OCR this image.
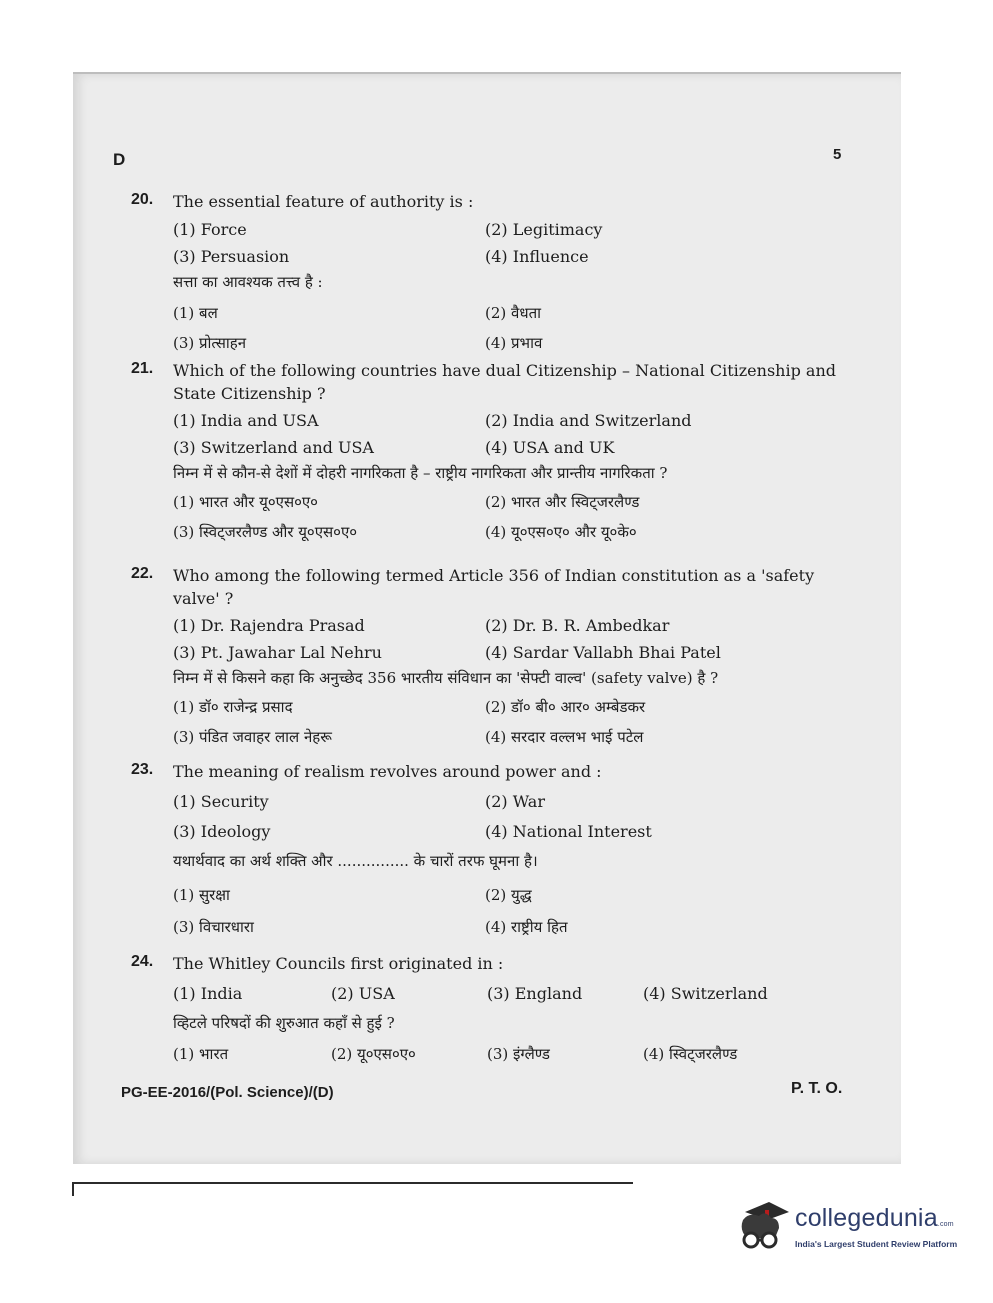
D	5
20.	The essential feature of authority is :
(1) Force	(2) Legitimacy
(3) Persuasion	(4) Influence
सत्ता का आवश्यक तत्त्व है :
(1) बल	(2) वैधता
(3) प्रोत्साहन	(4) प्रभाव
21.	Which of the following countries have dual Citizenship – National Citizenship and State Citizenship ?
(1) India and USA	(2) India and Switzerland
(3) Switzerland and USA	(4) USA and UK
निम्न में से कौन-से देशों में दोहरी नागरिकता है – राष्ट्रीय नागरिकता और प्रान्तीय नागरिकता ?
(1) भारत और यू०एस०ए०	(2) भारत और स्विट्जरलैण्ड
(3) स्विट्जरलैण्ड और यू०एस०ए०	(4) यू०एस०ए० और यू०के०
22.	Who among the following termed Article 356 of Indian constitution as a 'safety valve' ?
(1) Dr. Rajendra Prasad	(2) Dr. B. R. Ambedkar
(3) Pt. Jawahar Lal Nehru	(4) Sardar Vallabh Bhai Patel
निम्न में से किसने कहा कि अनुच्छेद 356 भारतीय संविधान का 'सेफ्टी वाल्व' (safety valve) है ?
(1) डॉ० राजेन्द्र प्रसाद	(2) डॉ० बी० आर० अम्बेडकर
(3) पंडित जवाहर लाल नेहरू	(4) सरदार वल्लभ भाई पटेल
23.	The meaning of realism revolves around power and :
(1) Security	(2) War
(3) Ideology	(4) National Interest
यथार्थवाद का अर्थ शक्ति और ............... के चारों तरफ घूमना है।
(1) सुरक्षा	(2) युद्ध
(3) विचारधारा	(4) राष्ट्रीय हित
24.	The Whitley Councils first originated in :
(1) India	(2) USA	(3) England	(4) Switzerland
व्हिटले परिषदों की शुरुआत कहाँ से हुई ?
(1) भारत	(2) यू०एस०ए०	(3) इंग्लैण्ड	(4) स्विट्जरलैण्ड
PG-EE-2016/(Pol. Science)/(D)	P. T. O.
collegedunia.com
India's Largest Student Review Platform
